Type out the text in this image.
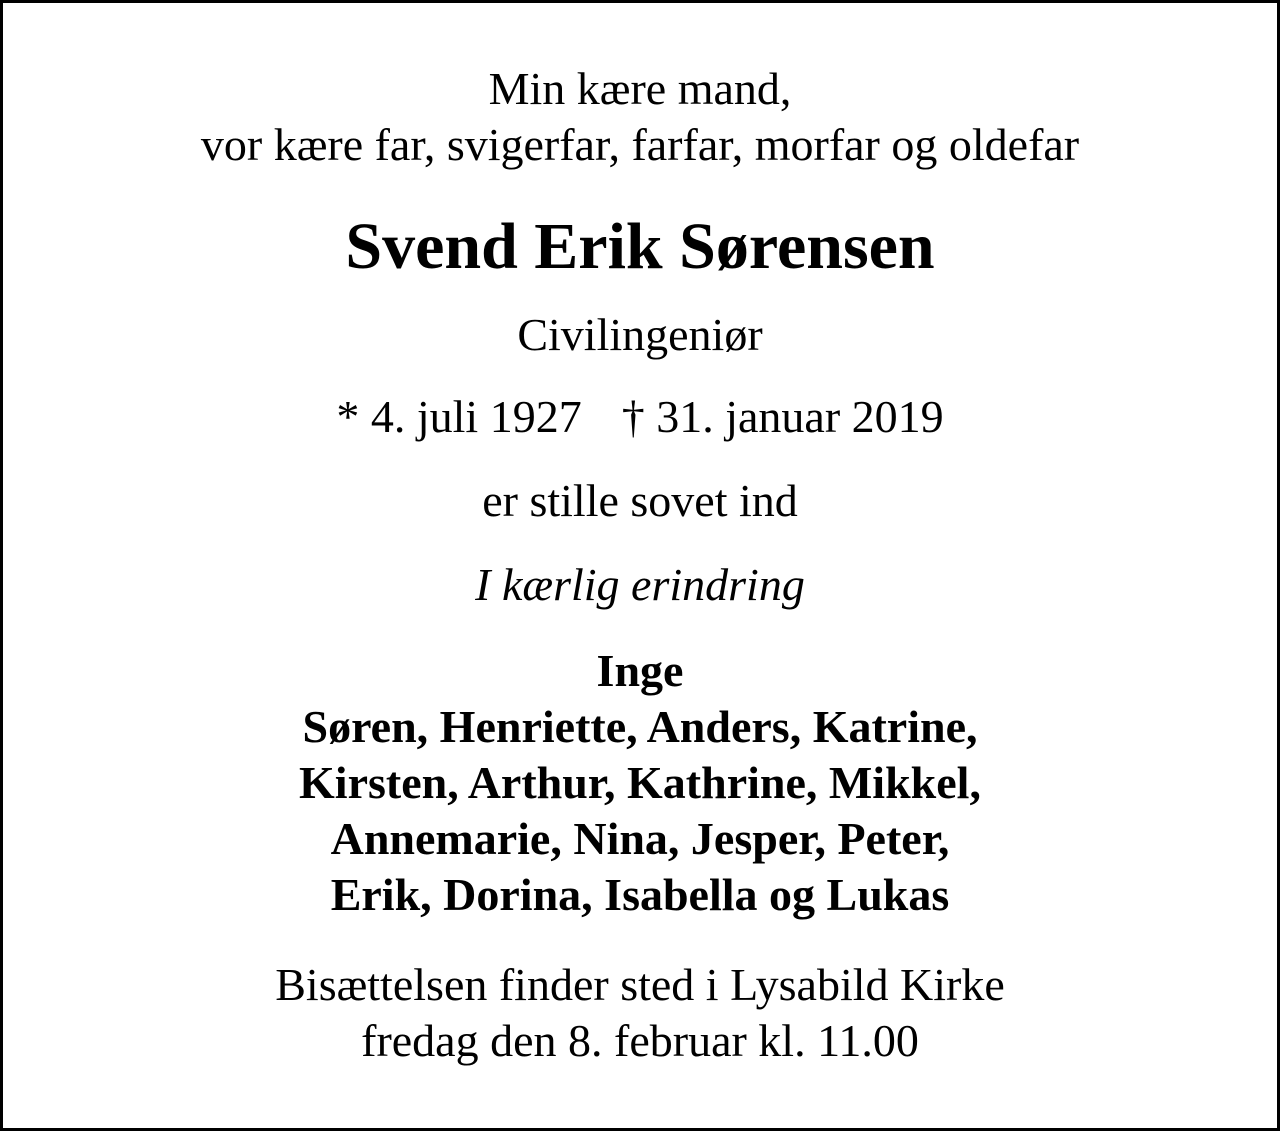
Min kære mand,
vor kære far, svigerfar, farfar, morfar og oldefar
Svend Erik Sørensen
Civilingeniør
* 4. juli 1927 † 31. januar 2019
er stille sovet ind
I kærlig erindring
Inge
Søren, Henriette, Anders, Katrine,
Kirsten, Arthur, Kathrine, Mikkel,
Annemarie, Nina, Jesper, Peter,
Erik, Dorina, Isabella og Lukas
Bisættelsen finder sted i Lysabild Kirke
fredag den 8. februar kl. 11.00
